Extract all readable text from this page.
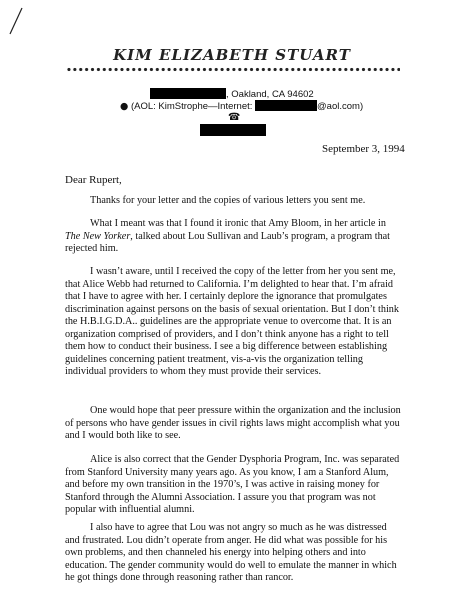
KIM ELIZABETH STUART
, Oakland, CA 94602
● (AOL: KimStrophe—Internet:	@aol.com)
☎
September 3, 1994
Dear Rupert,

Thanks for your letter and the copies of various letters you sent me.

What I meant was that I found it ironic that Amy Bloom, in her article in The New Yorker, talked about Lou Sullivan and Laub’s program, a program that rejected him.

I wasn’t aware, until I received the copy of the letter from her you sent me, that Alice Webb had returned to California. I’m delighted to hear that. I’m afraid that I have to agree with her. I certainly deplore the ignorance that promulgates discrimination against persons on the basis of sexual orientation. But I don’t think the H.B.I.G.D.A.. guidelines are the appropriate venue to overcome that. It is an organization comprised of providers, and I don’t think anyone has a right to tell them how to conduct their business. I see a big difference between establishing guidelines concerning patient treatment, vis-a-vis the organization telling individual providers to whom they must provide their services.

One would hope that peer pressure within the organization and the inclusion of persons who have gender issues in civil rights laws might accomplish what you and I would both like to see.

Alice is also correct that the Gender Dysphoria Program, Inc. was separated from Stanford University many years ago. As you know, I am a Stanford Alum, and before my own transition in the 1970’s, I was active in raising money for Stanford through the Alumni Association. I assure you that program was not popular with influential alumni.

I also have to agree that Lou was not angry so much as he was distressed and frustrated. Lou didn’t operate from anger. He did what was possible for his own problems, and then channeled his energy into helping others and into education. The gender community would do well to emulate the manner in which he got things done through reasoning rather than rancor.
